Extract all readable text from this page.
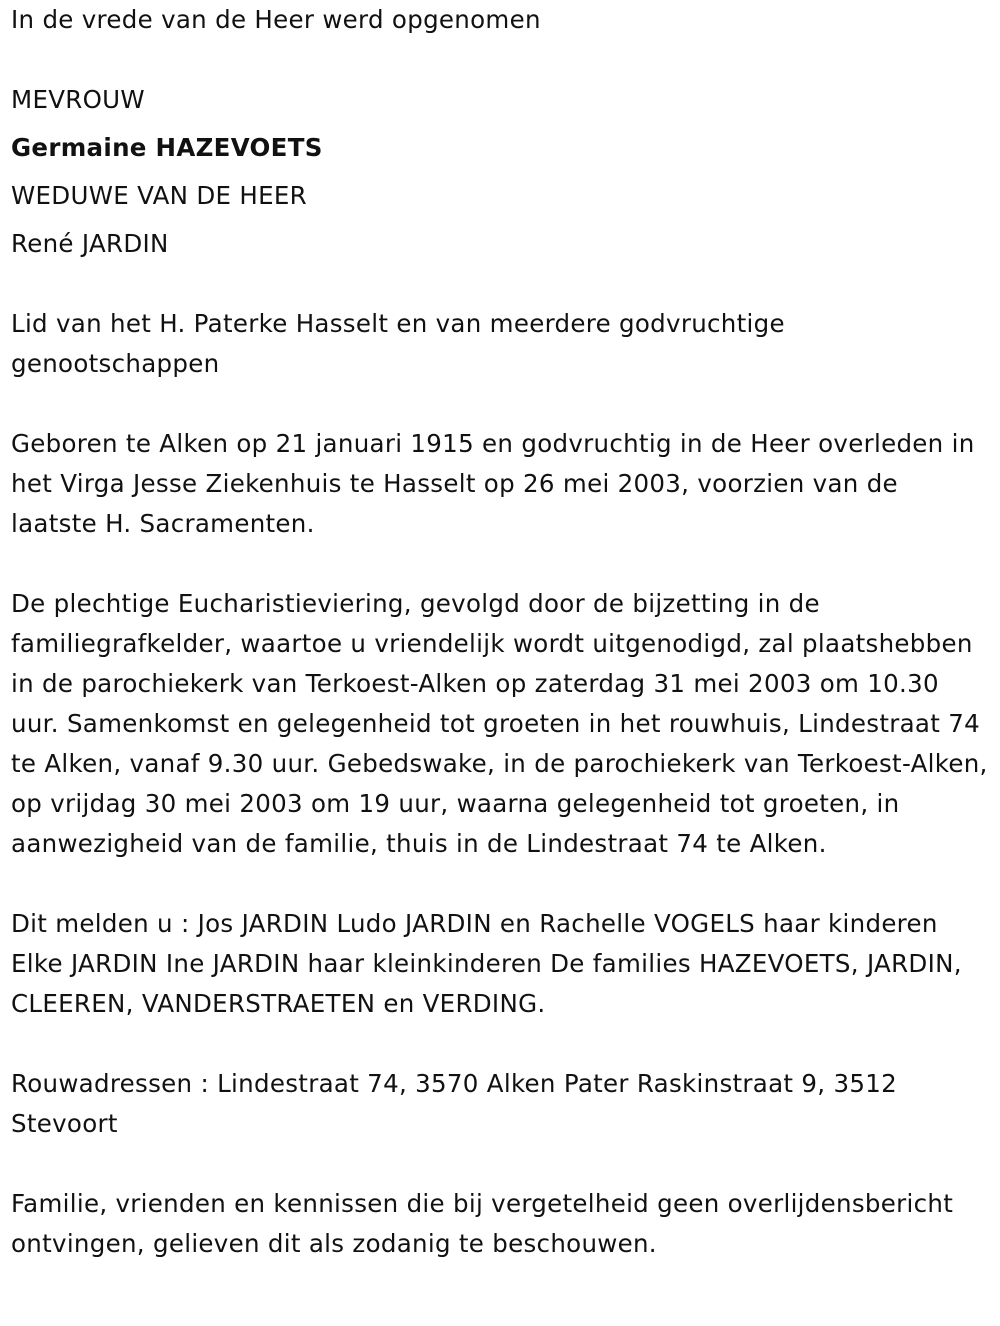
In de vrede van de Heer werd opgenomen

MEVROUW

Germaine HAZEVOETS

WEDUWE VAN DE HEER

René JARDIN

Lid van het H. Paterke Hasselt en van meerdere godvruchtige genootschappen

Geboren te Alken op 21 januari 1915 en godvruchtig in de Heer overleden in het Virga Jesse Ziekenhuis te Hasselt op 26 mei 2003, voorzien van de laatste H. Sacramenten.

De plechtige Eucharistieviering, gevolgd door de bijzetting in de familiegrafkelder, waartoe u vriendelijk wordt uitgenodigd, zal plaatshebben in de parochiekerk van Terkoest-Alken op zaterdag 31 mei 2003 om 10.30 uur. Samenkomst en gelegenheid tot groeten in het rouwhuis, Lindestraat 74 te Alken, vanaf 9.30 uur. Gebedswake, in de parochiekerk van Terkoest-Alken, op vrijdag 30 mei 2003 om 19 uur, waarna gelegenheid tot groeten, in aanwezigheid van de familie, thuis in de Lindestraat 74 te Alken.

Dit melden u : Jos JARDIN Ludo JARDIN en Rachelle VOGELS haar kinderen Elke JARDIN Ine JARDIN haar kleinkinderen De families HAZEVOETS, JARDIN, CLEEREN, VANDERSTRAETEN en VERDING.

Rouwadressen : Lindestraat 74, 3570 Alken Pater Raskinstraat 9, 3512 Stevoort

Familie, vrienden en kennissen die bij vergetelheid geen overlijdensbericht ontvingen, gelieven dit als zodanig te beschouwen.
